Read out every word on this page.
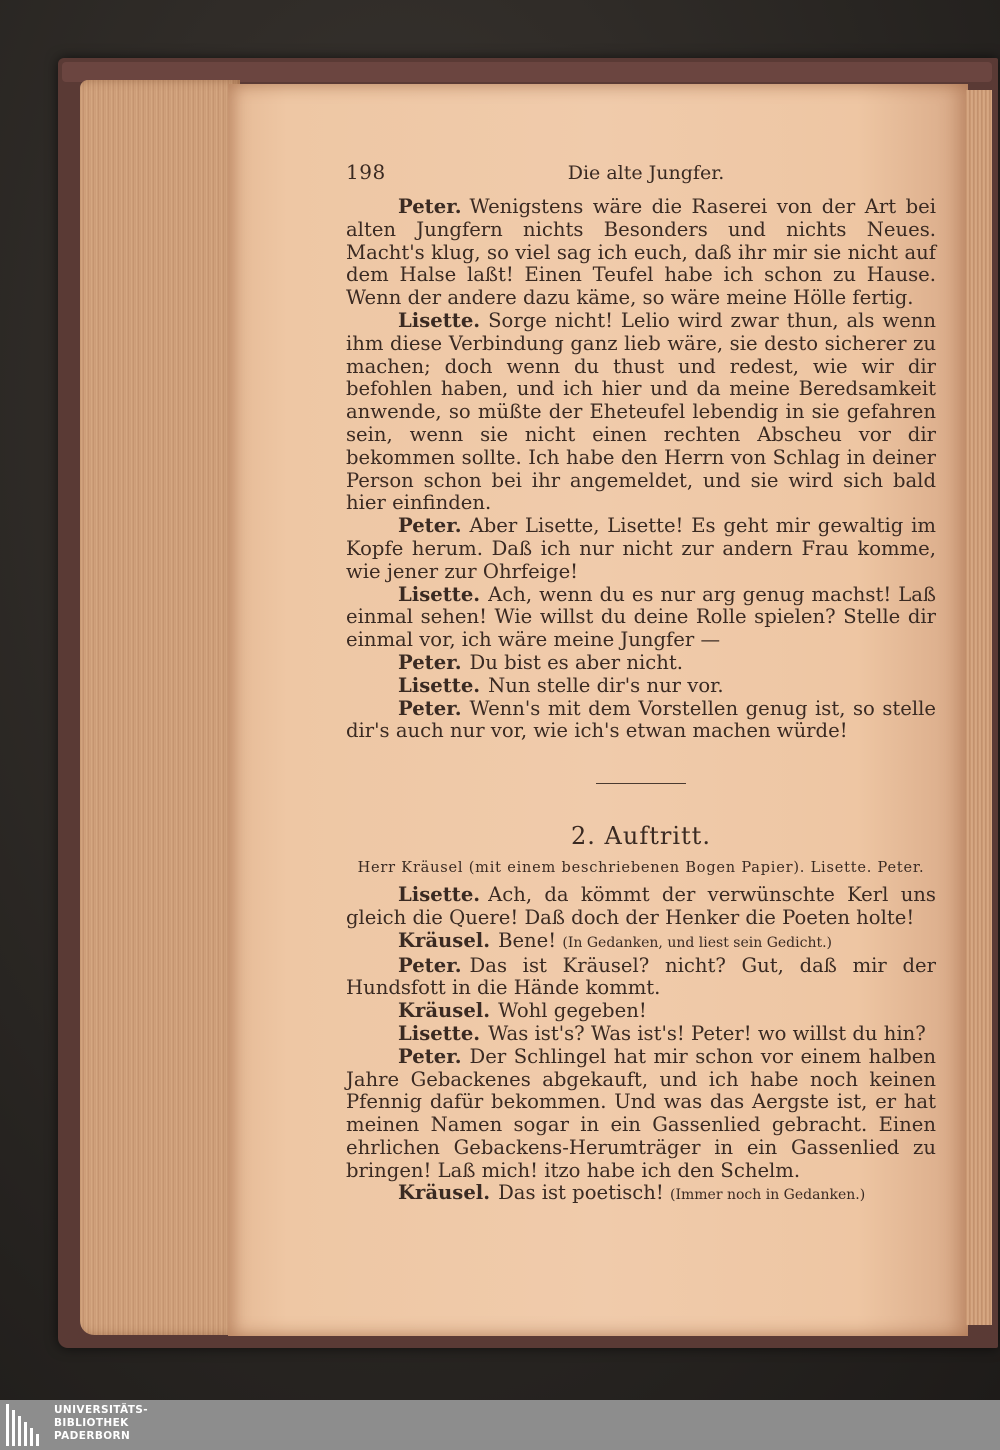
198	Die alte Jungfer.

Peter. Wenigstens wäre die Raserei von der Art bei alten Jungfern nichts Besonders und nichts Neues. Macht's klug, so viel sag ich euch, daß ihr mir sie nicht auf dem Halse laßt! Einen Teufel habe ich schon zu Hause. Wenn der andere dazu käme, so wäre meine Hölle fertig.

Lisette. Sorge nicht! Lelio wird zwar thun, als wenn ihm diese Verbindung ganz lieb wäre, sie desto sicherer zu machen; doch wenn du thust und redest, wie wir dir befohlen haben, und ich hier und da meine Beredsamkeit anwende, so müßte der Eheteufel lebendig in sie gefahren sein, wenn sie nicht einen rechten Abscheu vor dir bekommen sollte. Ich habe den Herrn von Schlag in deiner Person schon bei ihr angemeldet, und sie wird sich bald hier einfinden.

Peter. Aber Lisette, Lisette! Es geht mir gewaltig im Kopfe herum. Daß ich nur nicht zur andern Frau komme, wie jener zur Ohrfeige!

Lisette. Ach, wenn du es nur arg genug machst! Laß einmal sehen! Wie willst du deine Rolle spielen? Stelle dir einmal vor, ich wäre meine Jungfer —

Peter. Du bist es aber nicht.

Lisette. Nun stelle dir's nur vor.

Peter. Wenn's mit dem Vorstellen genug ist, so stelle dir's auch nur vor, wie ich's etwan machen würde!

2. Auftritt.

Herr Kräusel (mit einem beschriebenen Bogen Papier). Lisette. Peter.

Lisette. Ach, da kömmt der verwünschte Kerl uns gleich die Quere! Daß doch der Henker die Poeten holte!

Kräusel. Bene! (In Gedanken, und liest sein Gedicht.)

Peter. Das ist Kräusel? nicht? Gut, daß mir der Hundsfott in die Hände kommt.

Kräusel. Wohl gegeben!

Lisette. Was ist's? Was ist's! Peter! wo willst du hin?

Peter. Der Schlingel hat mir schon vor einem halben Jahre Gebackenes abgekauft, und ich habe noch keinen Pfennig dafür bekommen. Und was das Aergste ist, er hat meinen Namen sogar in ein Gassenlied gebracht. Einen ehrlichen Gebackens-Herumträger in ein Gassenlied zu bringen! Laß mich! itzo habe ich den Schelm.

Kräusel. Das ist poetisch! (Immer noch in Gedanken.)

UNIVERSITÄTS-
BIBLIOTHEK
PADERBORN
